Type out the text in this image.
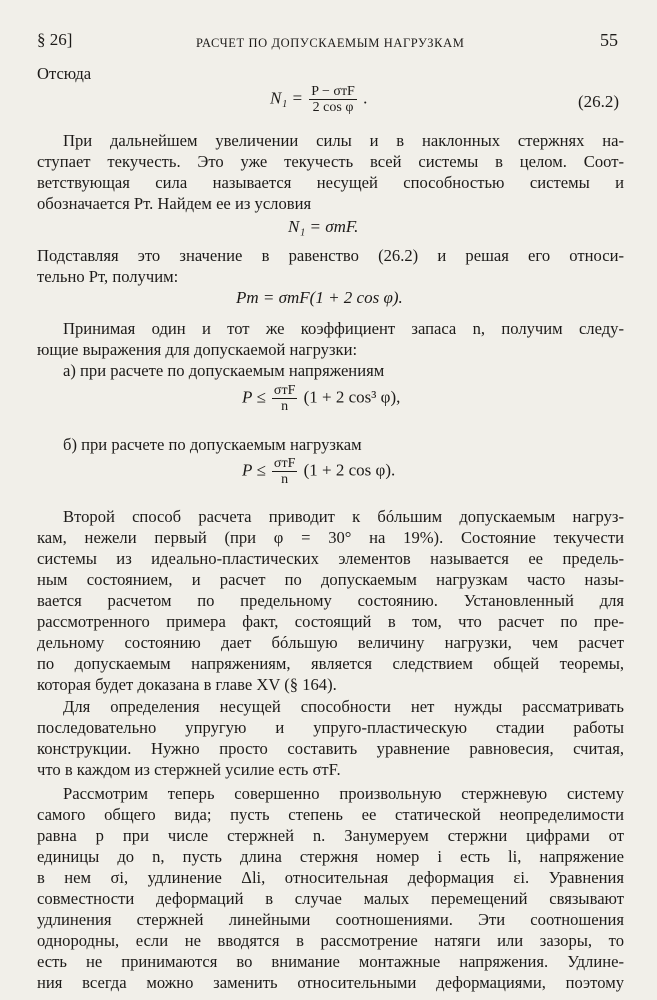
§ 26]	РАСЧЕТ ПО ДОПУСКАЕМЫМ НАГРУЗКАМ	55
Отсюда
$N_1 = \frac{\text{P − σтF}}{\text{2 cos φ}}$ .	(26.2)
При дальнейшем увеличении силы и в наклонных стержнях на-
ступает текучесть. Это уже текучесть всей системы в целом. Соот-
ветствующая сила называется несущей способностью системы и
обозначается Pт. Найдем ее из условия
N₁ = σтF.
Подставляя это значение в равенство (26.2) и решая его относи-
тельно Pт, получим:
Pт = σтF(1 + 2 cos φ).
Принимая один и тот же коэффициент запаса n, получим следу-
ющие выражения для допускаемой нагрузки:
а) при расчете по допускаемым напряжениям
$P \le \frac{\text{σтF}}{n} (1 + 2$ cos³ φ),
б) при расчете по допускаемым нагрузкам
$P \le \frac{\text{σтF}}{n} (1 + 2$ cos φ).
Второй способ расчета приводит к бóльшим допускаемым нагруз-
кам, нежели первый (при φ = 30° на 19%). Состояние текучести
системы из идеально-пластических элементов называется ее предель-
ным состоянием, и расчет по допускаемым нагрузкам часто назы-
вается расчетом по предельному состоянию. Установленный для
рассмотренного примера факт, состоящий в том, что расчет по пре-
дельному состоянию дает бóльшую величину нагрузки, чем расчет
по допускаемым напряжениям, является следствием общей теоремы,
которая будет доказана в главе XV (§ 164).
Для определения несущей способности нет нужды рассматривать
последовательно упругую и упруго-пластическую стадии работы
конструкции. Нужно просто составить уравнение равновесия, считая,
что в каждом из стержней усилие есть σтF.
Рассмотрим теперь совершенно произвольную стержневую систему
самого общего вида; пусть степень ее статической неопределимости
равна p при числе стержней n. Занумеруем стержни цифрами от
единицы до n, пусть длина стержня номер i есть li, напряжение
в нем σi, удлинение Δli, относительная деформация εi. Уравнения
совместности деформаций в случае малых перемещений связывают
удлинения стержней линейными соотношениями. Эти соотношения
однородны, если не вводятся в рассмотрение натяги или зазоры, то
есть не принимаются во внимание монтажные напряжения. Удлине-
ния всегда можно заменить относительными деформациями, поэтому
